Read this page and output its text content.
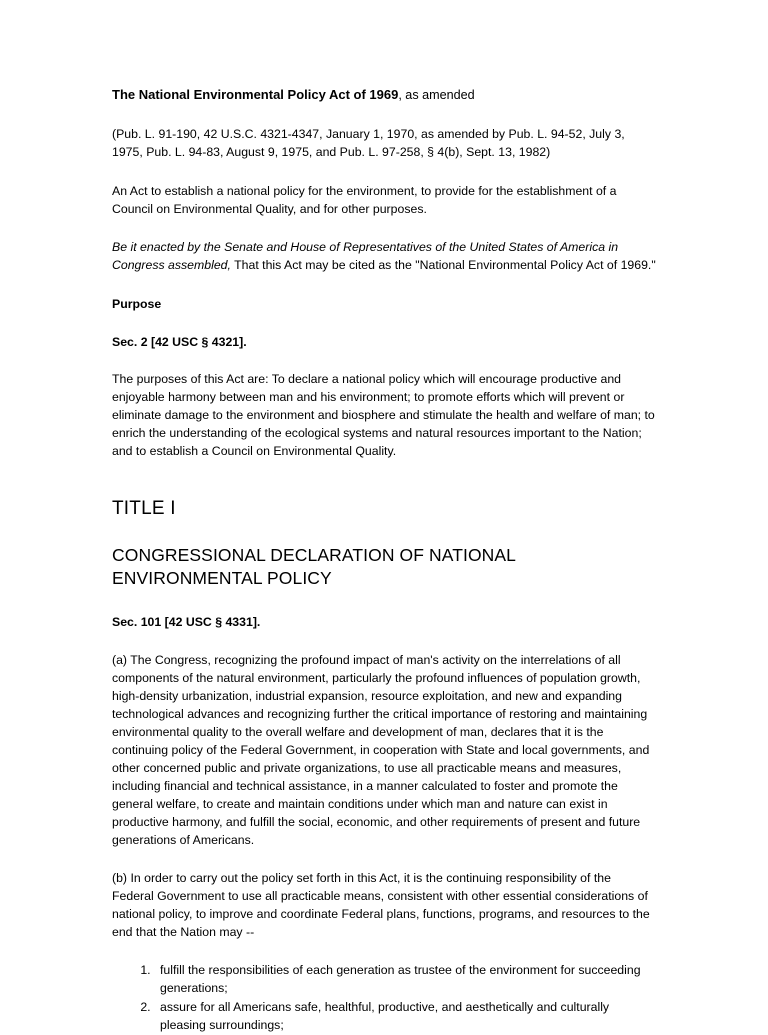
The National Environmental Policy Act of 1969, as amended

(Pub. L. 91-190, 42 U.S.C. 4321-4347, January 1, 1970, as amended by Pub. L. 94-52, July 3, 1975, Pub. L. 94-83, August 9, 1975, and Pub. L. 97-258, § 4(b), Sept. 13, 1982)

An Act to establish a national policy for the environment, to provide for the establishment of a Council on Environmental Quality, and for other purposes.

Be it enacted by the Senate and House of Representatives of the United States of America in Congress assembled, That this Act may be cited as the "National Environmental Policy Act of 1969."

Purpose
Sec. 2 [42 USC § 4321].

The purposes of this Act are: To declare a national policy which will encourage productive and enjoyable harmony between man and his environment; to promote efforts which will prevent or eliminate damage to the environment and biosphere and stimulate the health and welfare of man; to enrich the understanding of the ecological systems and natural resources important to the Nation; and to establish a Council on Environmental Quality.

TITLE I
CONGRESSIONAL DECLARATION OF NATIONAL ENVIRONMENTAL POLICY
Sec. 101 [42 USC § 4331].

(a) The Congress, recognizing the profound impact of man's activity on the interrelations of all components of the natural environment, particularly the profound influences of population growth, high-density urbanization, industrial expansion, resource exploitation, and new and expanding technological advances and recognizing further the critical importance of restoring and maintaining environmental quality to the overall welfare and development of man, declares that it is the continuing policy of the Federal Government, in cooperation with State and local governments, and other concerned public and private organizations, to use all practicable means and measures, including financial and technical assistance, in a manner calculated to foster and promote the general welfare, to create and maintain conditions under which man and nature can exist in productive harmony, and fulfill the social, economic, and other requirements of present and future generations of Americans.

(b) In order to carry out the policy set forth in this Act, it is the continuing responsibility of the Federal Government to use all practicable means, consistent with other essential considerations of national policy, to improve and coordinate Federal plans, functions, programs, and resources to the end that the Nation may --

1. fulfill the responsibilities of each generation as trustee of the environment for succeeding generations;
2. assure for all Americans safe, healthful, productive, and aesthetically and culturally pleasing surroundings;
